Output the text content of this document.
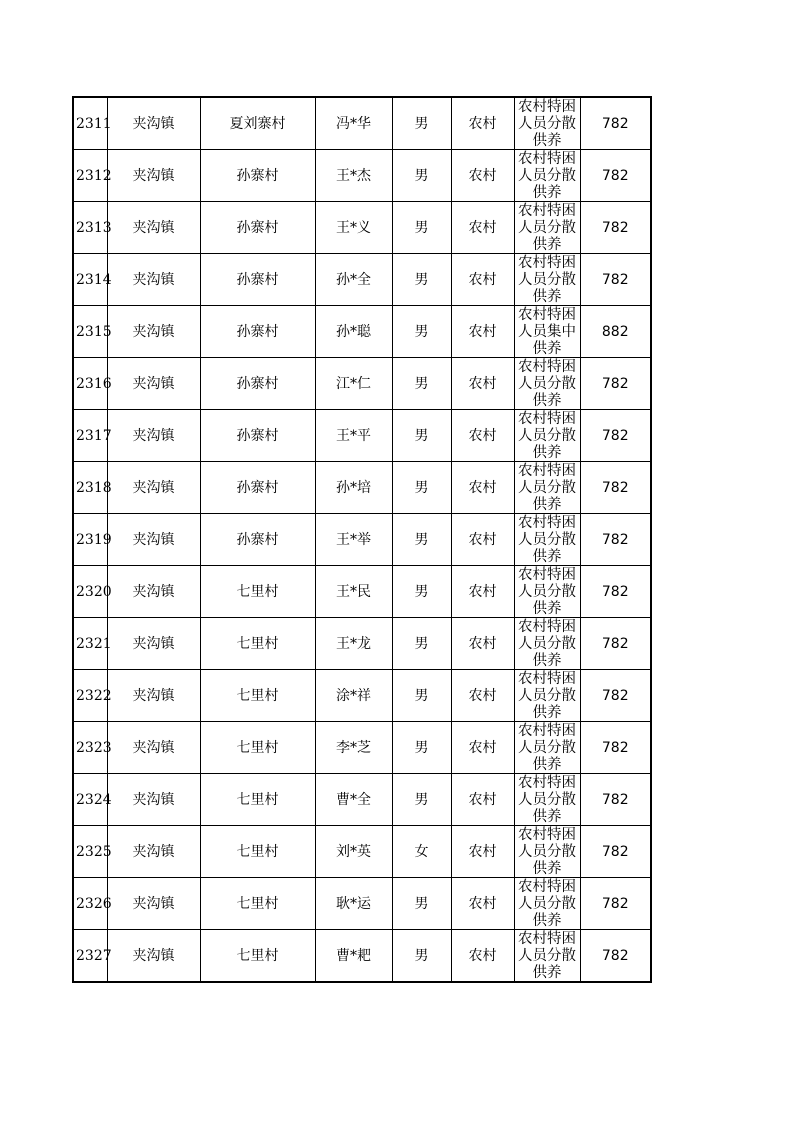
2311	夹沟镇	夏刘寨村	冯*华	男	农村	农村特困人员分散供养	782
2312	夹沟镇	孙寨村	王*杰	男	农村	农村特困人员分散供养	782
2313	夹沟镇	孙寨村	王*义	男	农村	农村特困人员分散供养	782
2314	夹沟镇	孙寨村	孙*全	男	农村	农村特困人员分散供养	782
2315	夹沟镇	孙寨村	孙*聪	男	农村	农村特困人员集中供养	882
2316	夹沟镇	孙寨村	江*仁	男	农村	农村特困人员分散供养	782
2317	夹沟镇	孙寨村	王*平	男	农村	农村特困人员分散供养	782
2318	夹沟镇	孙寨村	孙*培	男	农村	农村特困人员分散供养	782
2319	夹沟镇	孙寨村	王*举	男	农村	农村特困人员分散供养	782
2320	夹沟镇	七里村	王*民	男	农村	农村特困人员分散供养	782
2321	夹沟镇	七里村	王*龙	男	农村	农村特困人员分散供养	782
2322	夹沟镇	七里村	涂*祥	男	农村	农村特困人员分散供养	782
2323	夹沟镇	七里村	李*芝	男	农村	农村特困人员分散供养	782
2324	夹沟镇	七里村	曹*全	男	农村	农村特困人员分散供养	782
2325	夹沟镇	七里村	刘*英	女	农村	农村特困人员分散供养	782
2326	夹沟镇	七里村	耿*运	男	农村	农村特困人员分散供养	782
2327	夹沟镇	七里村	曹*耙	男	农村	农村特困人员分散供养	782
